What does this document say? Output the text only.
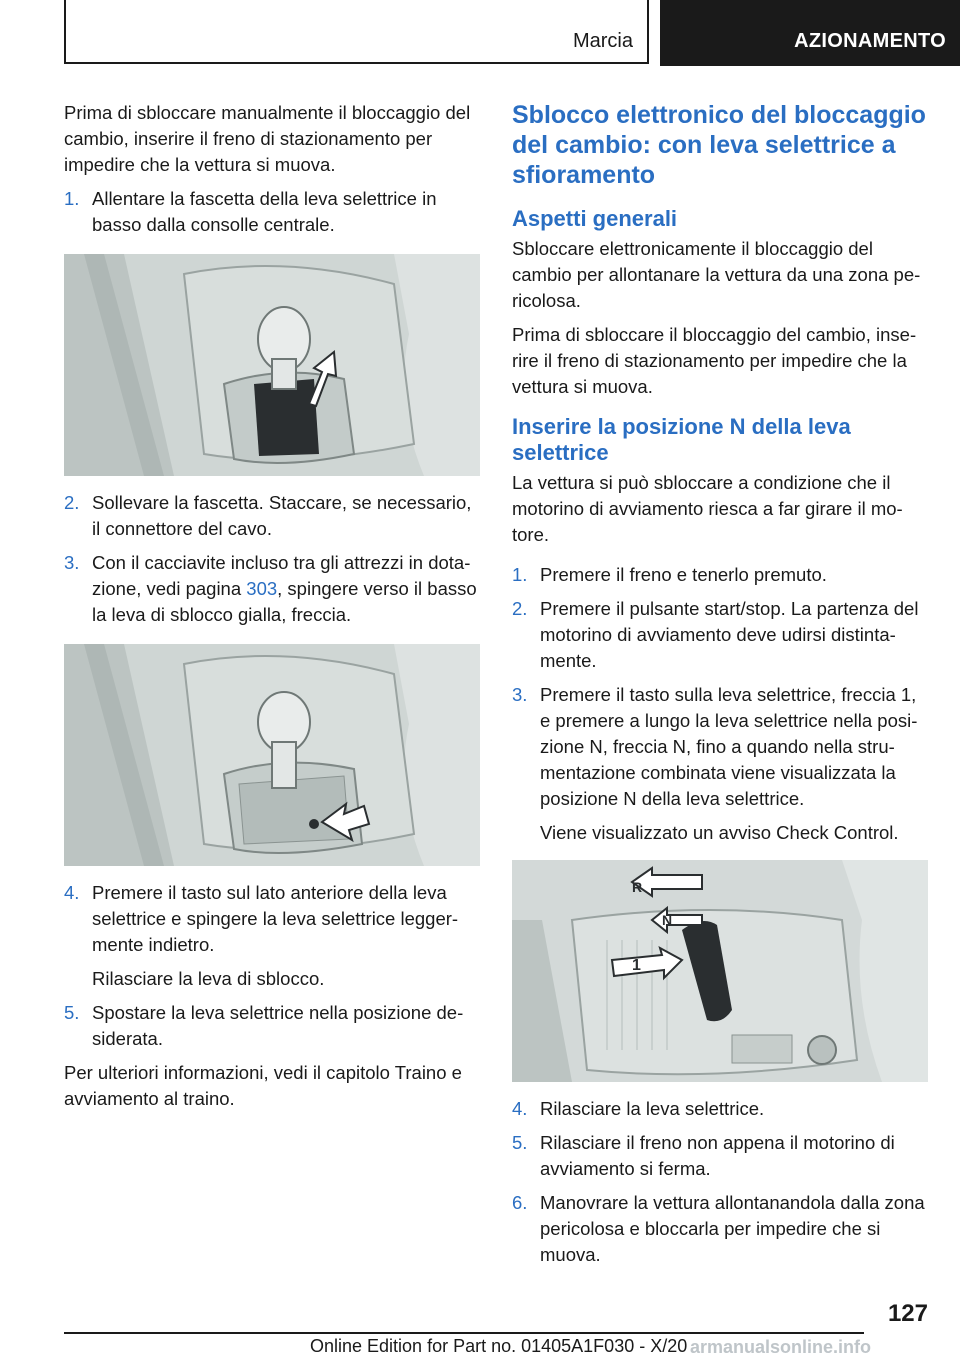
Marcia	AZIONAMENTO

Prima di sbloccare manualmente il bloccaggio del cambio, inserire il freno di stazionamento per impedire che la vettura si muova.

1. Allentare la fascetta della leva selettrice in basso dalla consolle centrale.
2. Sollevare la fascetta. Staccare, se necessario, il connettore del cavo.
3. Con il cacciavite incluso tra gli attrezzi in dotazione, vedi pagina 303, spingere verso il basso la leva di sblocco gialla, freccia.
4. Premere il tasto sul lato anteriore della leva selettrice e spingere la leva selettrice leggermente indietro.
Rilasciare la leva di sblocco.
5. Spostare la leva selettrice nella posizione desiderata.

Per ulteriori informazioni, vedi il capitolo Traino e avviamento al traino.

Sblocco elettronico del bloccaggio del cambio: con leva selettrice a sfioramento
Aspetti generali

Sbloccare elettronicamente il bloccaggio del cambio per allontanare la vettura da una zona pericolosa.

Prima di sbloccare il bloccaggio del cambio, inserire il freno di stazionamento per impedire che la vettura si muova.

Inserire la posizione N della leva selettrice

La vettura si può sbloccare a condizione che il motorino di avviamento riesca a far girare il motore.

1. Premere il freno e tenerlo premuto.
2. Premere il pulsante start/stop. La partenza del motorino di avviamento deve udirsi distintamente.
3. Premere il tasto sulla leva selettrice, freccia 1, e premere a lungo la leva selettrice nella posizione N, freccia N, fino a quando nella strumentazione combinata viene visualizzata la posizione N della leva selettrice.
Viene visualizzato un avviso Check Control.
R
N
1
4. Rilasciare la leva selettrice.
5. Rilasciare il freno non appena il motorino di avviamento si ferma.
6. Manovrare la vettura allontanandola dalla zona pericolosa e bloccarla per impedire che si muova.
127
Online Edition for Part no. 01405A1F030 - X/20 armanualsonline.info
